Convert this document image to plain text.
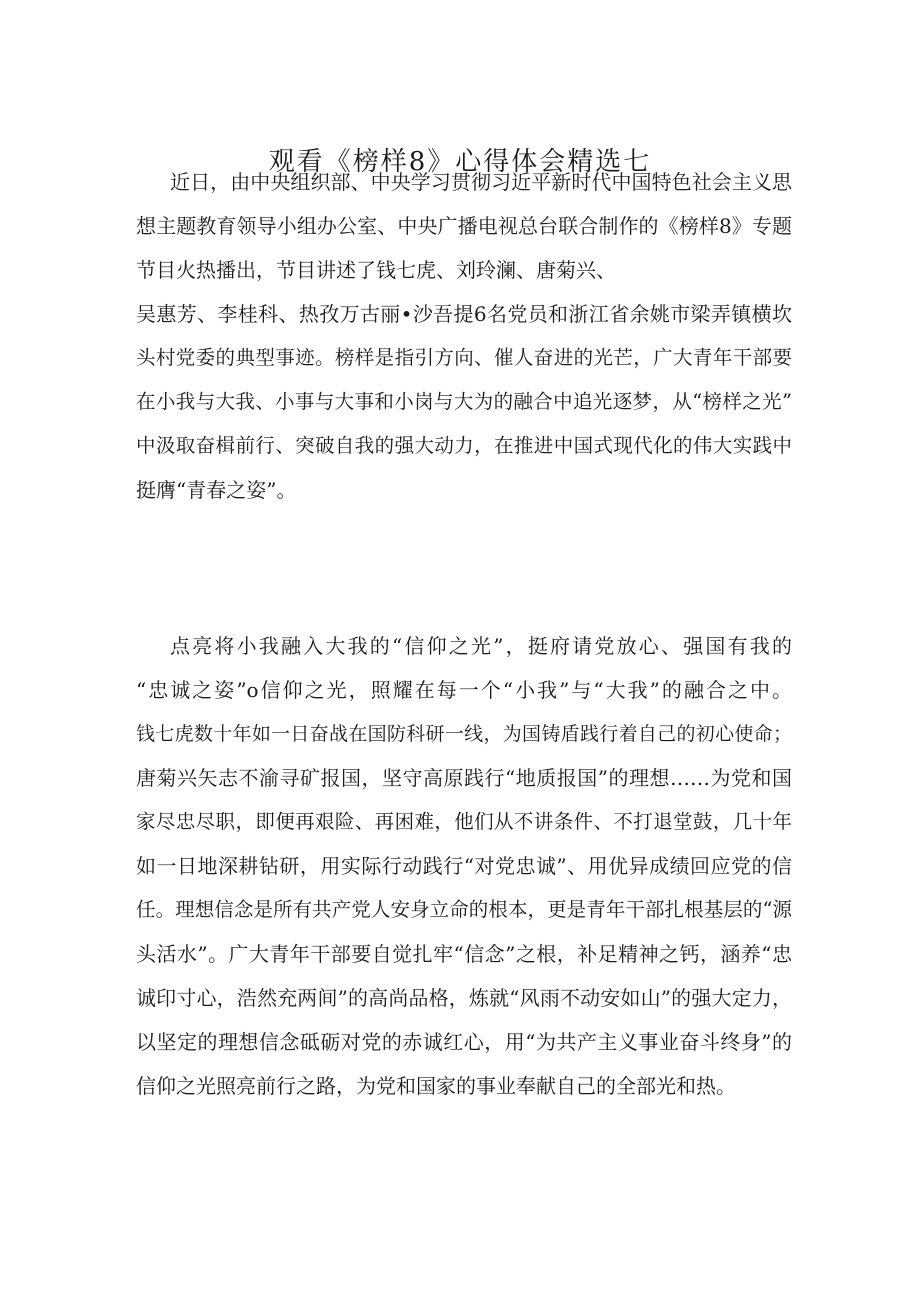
观看《榜样8》心得体会精选七
近日，由中央组织部、中央学习贯彻习近平新时代中国特色社会主义思
想主题教育领导小组办公室、中央广播电视总台联合制作的《榜样8》专题
节目火热播出，节目讲述了钱七虎、刘玲澜、唐菊兴、
吴惠芳、李桂科、热孜万古丽•沙吾提6名党员和浙江省余姚市梁弄镇横坎
头村党委的典型事迹。榜样是指引方向、催人奋进的光芒，广大青年干部要
在小我与大我、小事与大事和小岗与大为的融合中追光逐梦，从“榜样之光”
中汲取奋楫前行、突破自我的强大动力，在推进中国式现代化的伟大实践中
挺膺“青春之姿”。
点亮将小我融入大我的“信仰之光”，挺府请党放心、强国有我的
“忠诚之姿”o信仰之光，照耀在每一个“小我”与“大我”的融合之中。
钱七虎数十年如一日奋战在国防科研一线，为国铸盾践行着自己的初心使命；
唐菊兴矢志不渝寻矿报国，坚守高原践行“地质报国”的理想……为党和国
家尽忠尽职，即便再艰险、再困难，他们从不讲条件、不打退堂鼓，几十年
如一日地深耕钻研，用实际行动践行“对党忠诚”、用优异成绩回应党的信
任。理想信念是所有共产党人安身立命的根本，更是青年干部扎根基层的“源
头活水”。广大青年干部要自觉扎牢“信念”之根，补足精神之钙，涵养“忠
诚印寸心，浩然充两间”的高尚品格，炼就“风雨不动安如山”的强大定力，
以坚定的理想信念砥砺对党的赤诚红心，用“为共产主义事业奋斗终身”的
信仰之光照亮前行之路，为党和国家的事业奉献自己的全部光和热。
